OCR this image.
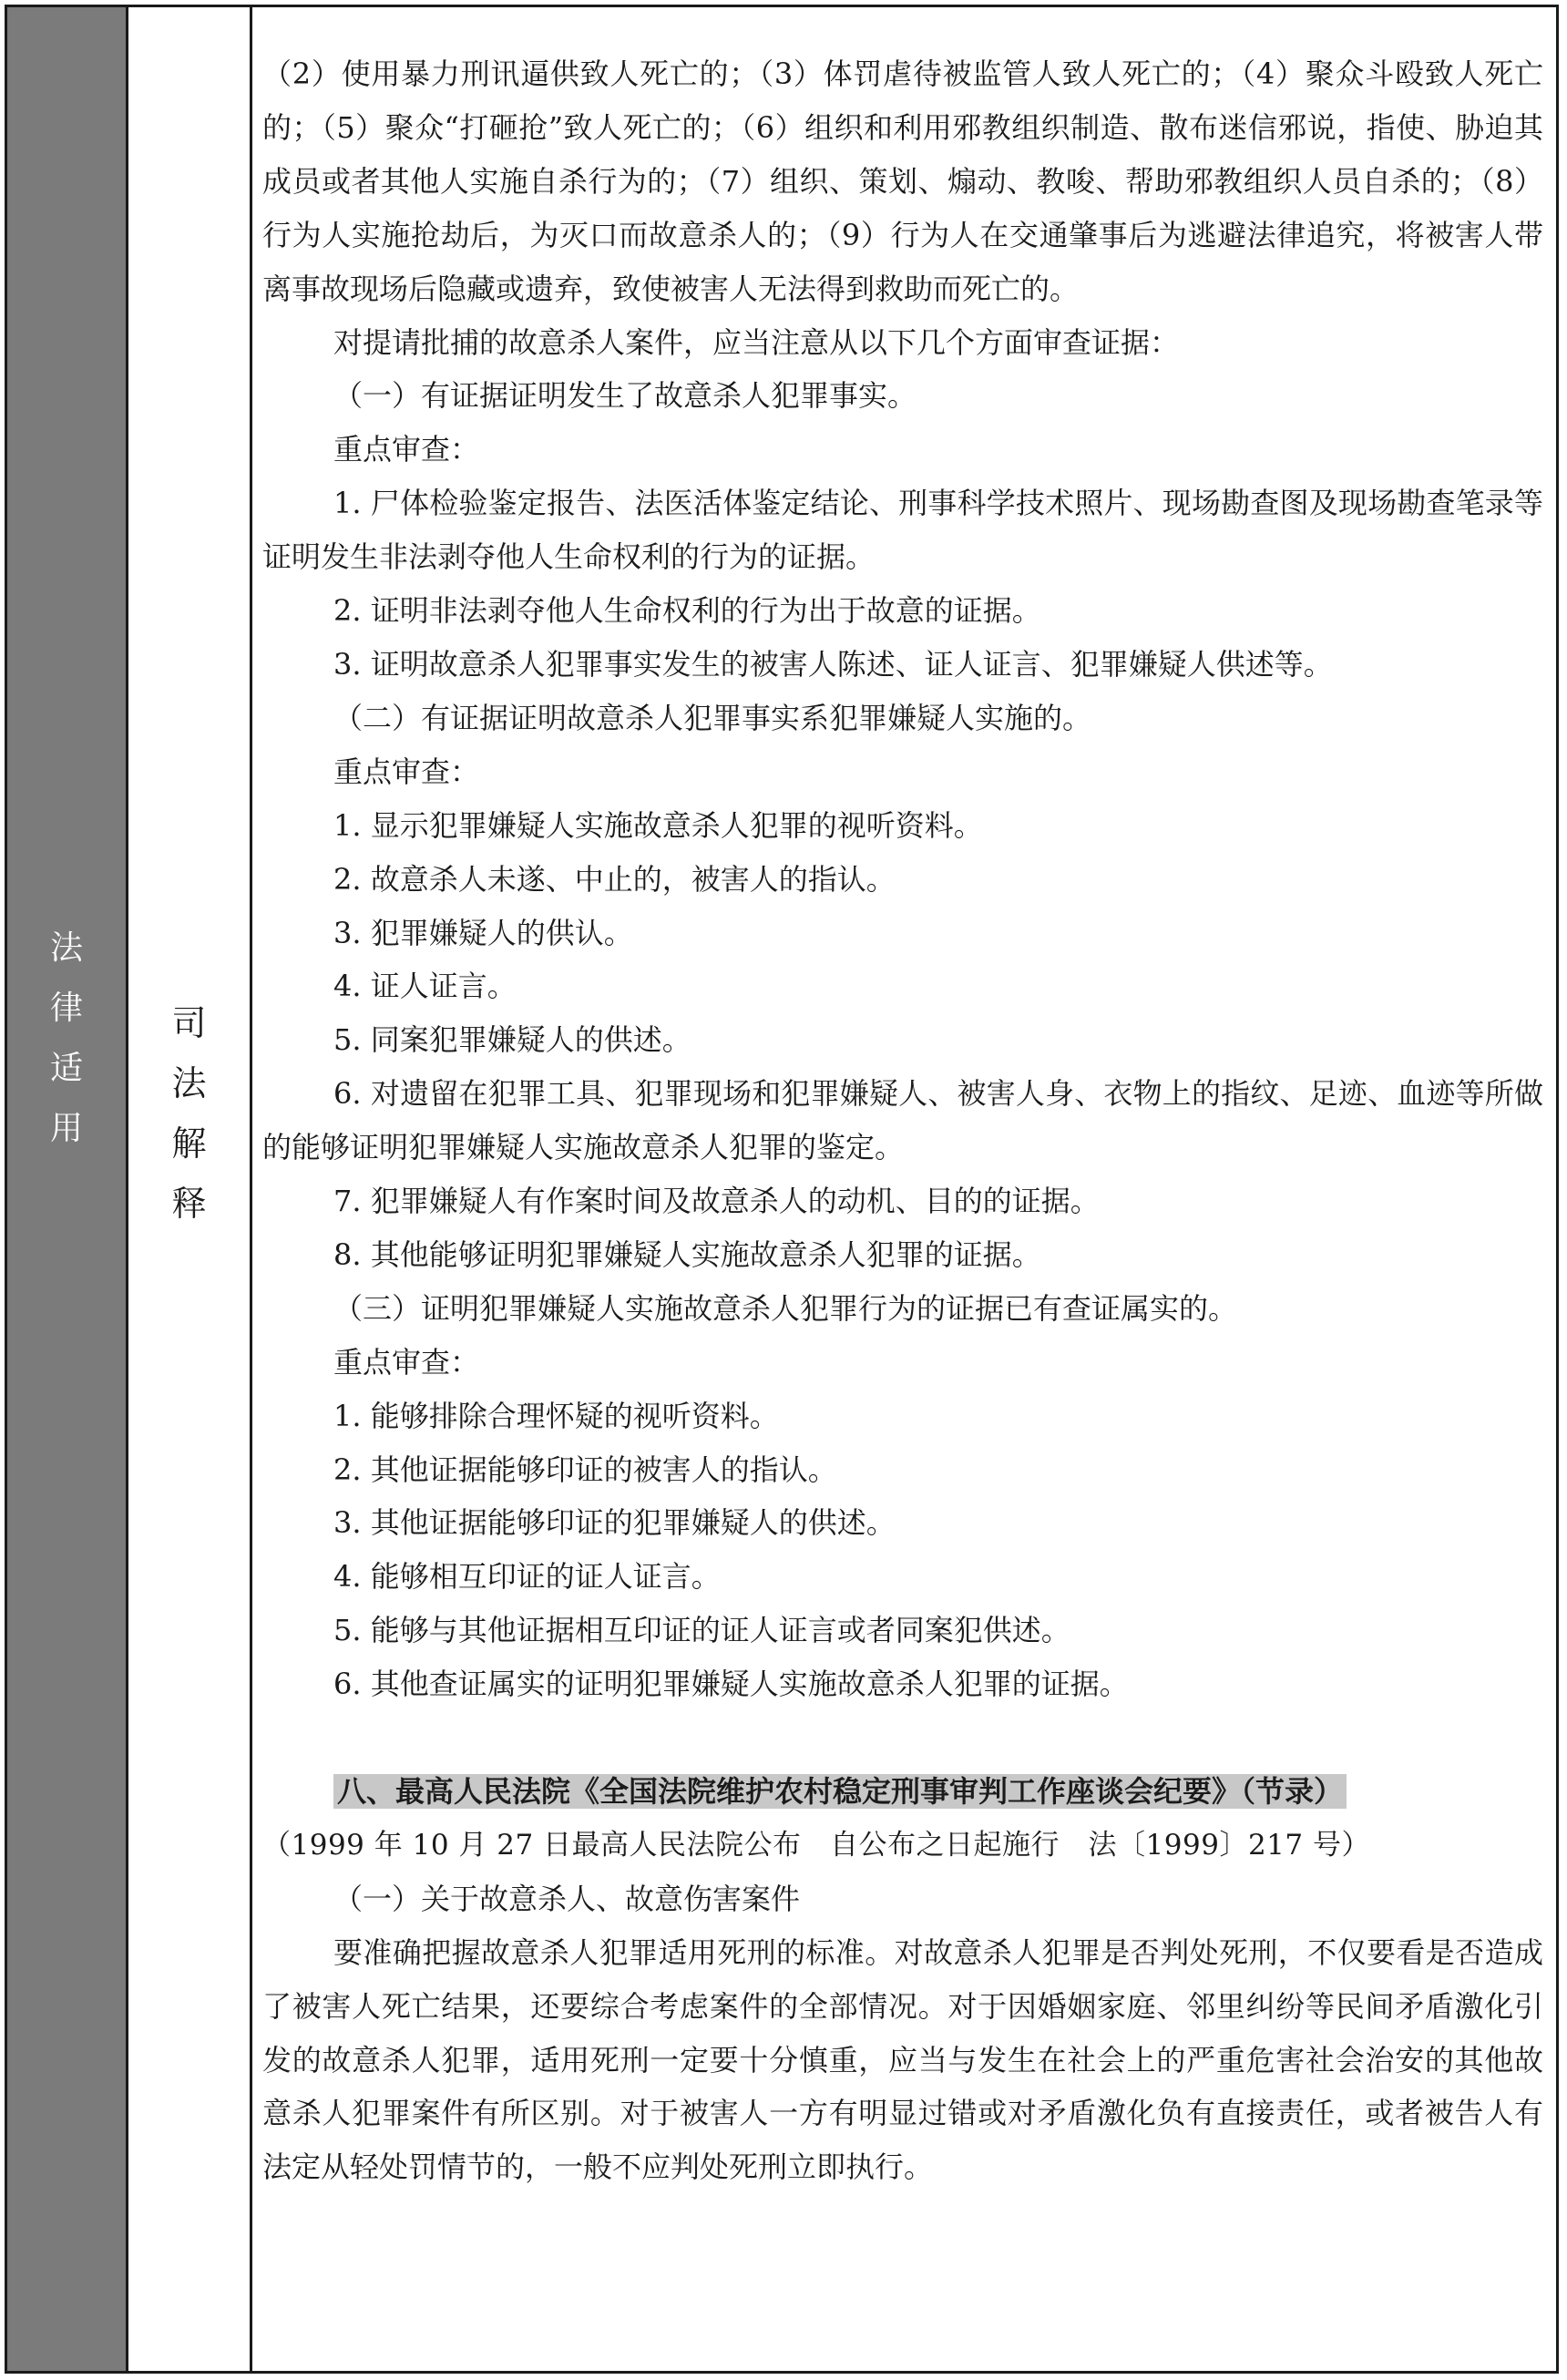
法
律
适
用
司
法
解
释

（2）使用暴力刑讯逼供致人死亡的；（3）体罚虐待被监管人致人死亡的；（4）聚众斗殴致人死亡的；（5）聚众“打砸抢”致人死亡的；（6）组织和利用邪教组织制造、散布迷信邪说，指使、胁迫其成员或者其他人实施自杀行为的；（7）组织、策划、煽动、教唆、帮助邪教组织人员自杀的；（8）行为人实施抢劫后，为灭口而故意杀人的；（9）行为人在交通肇事后为逃避法律追究，将被害人带离事故现场后隐藏或遗弃，致使被害人无法得到救助而死亡的。

对提请批捕的故意杀人案件，应当注意从以下几个方面审查证据：

（一）有证据证明发生了故意杀人犯罪事实。

重点审查：

1. 尸体检验鉴定报告、法医活体鉴定结论、刑事科学技术照片、现场勘查图及现场勘查笔录等证明发生非法剥夺他人生命权利的行为的证据。

2. 证明非法剥夺他人生命权利的行为出于故意的证据。

3. 证明故意杀人犯罪事实发生的被害人陈述、证人证言、犯罪嫌疑人供述等。

（二）有证据证明故意杀人犯罪事实系犯罪嫌疑人实施的。

重点审查：

1. 显示犯罪嫌疑人实施故意杀人犯罪的视听资料。

2. 故意杀人未遂、中止的，被害人的指认。

3. 犯罪嫌疑人的供认。

4. 证人证言。

5. 同案犯罪嫌疑人的供述。

6. 对遗留在犯罪工具、犯罪现场和犯罪嫌疑人、被害人身、衣物上的指纹、足迹、血迹等所做的能够证明犯罪嫌疑人实施故意杀人犯罪的鉴定。

7. 犯罪嫌疑人有作案时间及故意杀人的动机、目的的证据。

8. 其他能够证明犯罪嫌疑人实施故意杀人犯罪的证据。

（三）证明犯罪嫌疑人实施故意杀人犯罪行为的证据已有查证属实的。

重点审查：

1. 能够排除合理怀疑的视听资料。

2. 其他证据能够印证的被害人的指认。

3. 其他证据能够印证的犯罪嫌疑人的供述。

4. 能够相互印证的证人证言。

5. 能够与其他证据相互印证的证人证言或者同案犯供述。

6. 其他查证属实的证明犯罪嫌疑人实施故意杀人犯罪的证据。

八、最高人民法院《全国法院维护农村稳定刑事审判工作座谈会纪要》（节录）

（1999 年 10 月 27 日最高人民法院公布　自公布之日起施行　法〔1999〕217 号）

（一）关于故意杀人、故意伤害案件

要准确把握故意杀人犯罪适用死刑的标准。对故意杀人犯罪是否判处死刑，不仅要看是否造成了被害人死亡结果，还要综合考虑案件的全部情况。对于因婚姻家庭、邻里纠纷等民间矛盾激化引发的故意杀人犯罪，适用死刑一定要十分慎重，应当与发生在社会上的严重危害社会治安的其他故意杀人犯罪案件有所区别。对于被害人一方有明显过错或对矛盾激化负有直接责任，或者被告人有法定从轻处罚情节的，一般不应判处死刑立即执行。
